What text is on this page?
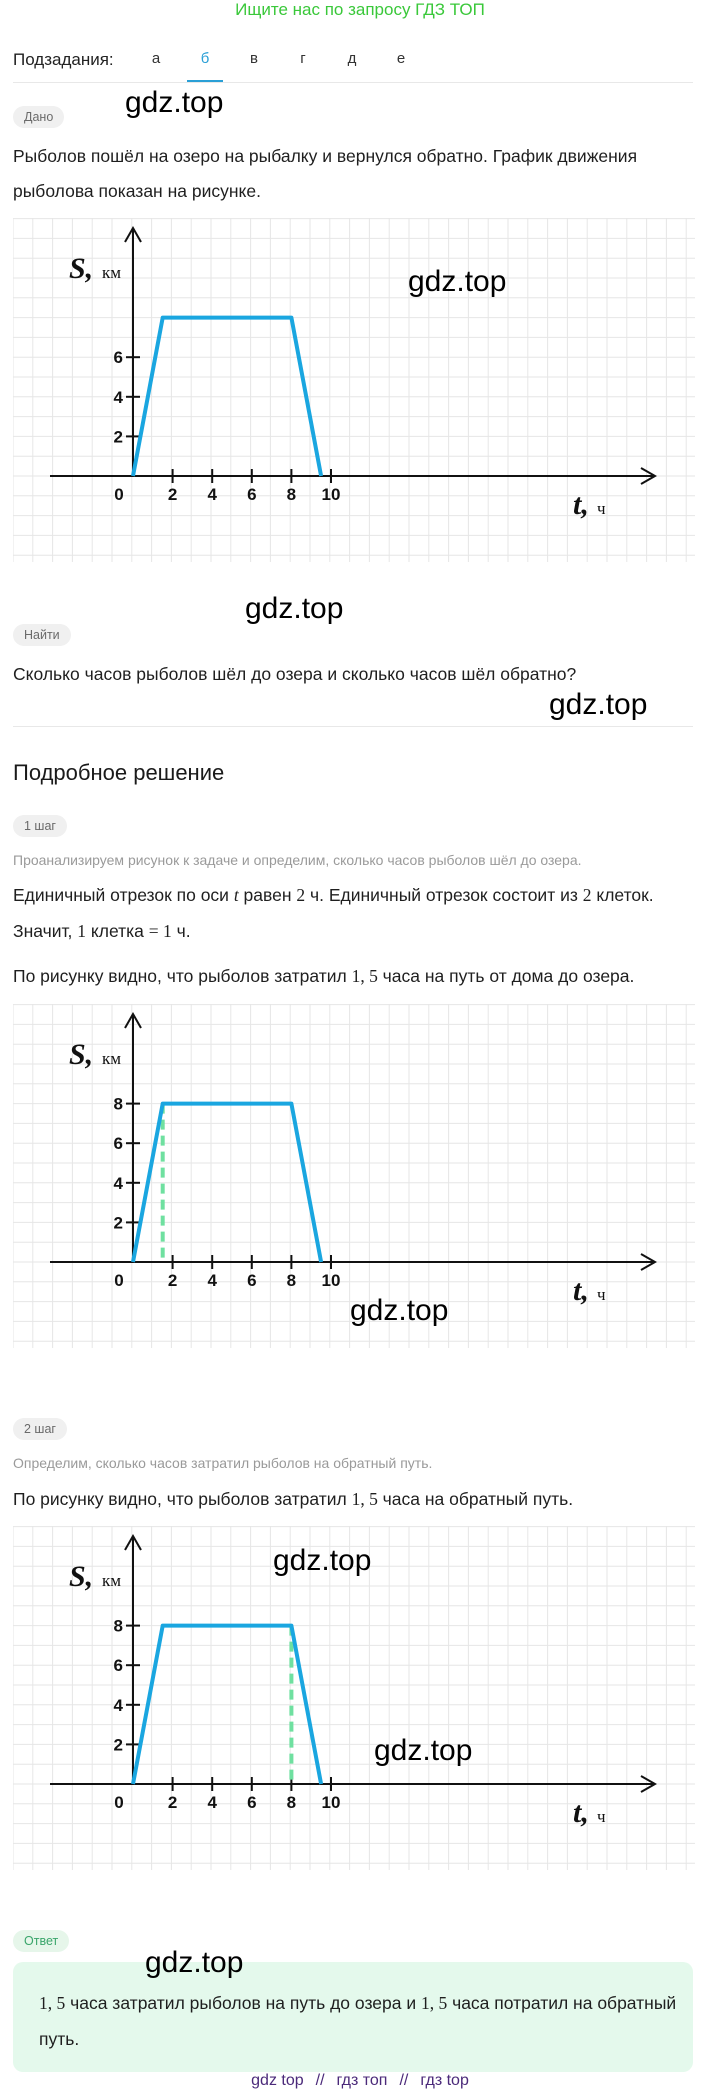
Ищите нас по запросу ГДЗ ТОП
Подзадания:	а	б	в	г	д	е
Дано	gdz.top
Рыболов пошёл на озеро на рыбалку и вернулся обратно. График движения рыболова показан на рисунке.
0	2 4 6 8 10
2
4
6
S, км
t, ч
gdz.top
Найти
gdz.top
Сколько часов рыболов шёл до озера и сколько часов шёл обратно?
gdz.top
Подробное решение
1 шаг
Проанализируем рисунок к задаче и определим, сколько часов рыболов шёл до озера.
Единичный отрезок по оси t равен 2 ч. Единичный отрезок состоит из 2 клеток.
Значит, 1 клетка = 1 ч.
По рисунку видно, что рыболов затратил 1, 5 часа на путь от дома до озера.
0	2 4 6 8 10
2
4
6
8
S, км
t, ч
gdz.top
2 шаг
Определим, сколько часов затратил рыболов на обратный путь.
По рисунку видно, что рыболов затратил 1, 5 часа на обратный путь.
0	2 4 6 8 10
2
4
6
8
S, км
t, ч
gdz.top
gdz.top
Ответ
gdz.top
1, 5 часа затратил рыболов на путь до озера и 1, 5 часа потратил на обратный путь.
gdz top // гдз топ // гдз top
